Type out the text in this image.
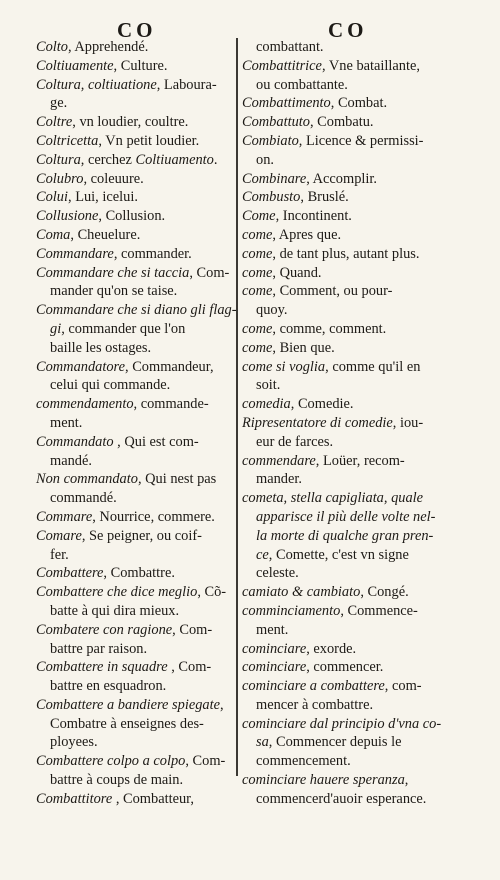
CO	CO
Colto, Apprehendé.
Coltiuamente, Culture.
Coltura, coltiuatione, Laboura-
ge.
Coltre, vn loudier, coultre.
Coltricetta, Vn petit loudier.
Coltura, cerchez Coltiuamento.
Colubro, coleuure.
Colui, Lui, icelui.
Collusione, Collusion.
Coma, Cheuelure.
Commandare, commander.
Commandare che si taccia, Com-
mander qu'on se taise.
Commandare che si diano gli flag-
gi, commander que l'on
baille les ostages.
Commandatore, Commandeur,
celui qui commande.
commendamento, commande-
ment.
Commandato , Qui est com-
mandé.
Non commandato, Qui nest pas
commandé.
Commare, Nourrice, commere.
Comare, Se peigner, ou coif-
fer.
Combattere, Combattre.
Combattere che dice meglio, Cõ-
batte à qui dira mieux.
Combatere con ragione, Com-
battre par raison.
Combattere in squadre , Com-
battre en esquadron.
Combattere a bandiere spiegate,
Combatre à enseignes des-
ployees.
Combattere colpo a colpo, Com-
battre à coups de main.
Combattitore , Combatteur,
combattant.
Combattitrice, Vne bataillante,
ou combattante.
Combattimento, Combat.
Combattuto, Combatu.
Combiato, Licence & permissi-
on.
Combinare, Accomplir.
Combusto, Bruslé.
Come, Incontinent.
come, Apres que.
come, de tant plus, autant plus.
come, Quand.
come, Comment, ou pour-
quoy.
come, comme, comment.
come, Bien que.
come si voglia, comme qu'il en
soit.
comedia, Comedie.
Ripresentatore di comedie, iou-
eur de farces.
commendare, Loüer, recom-
mander.
cometa, stella capigliata, quale
apparisce il più delle volte nel-
la morte di qualche gran pren-
ce, Comette, c'est vn signe
celeste.
camiato & cambiato, Congé.
comminciamento, Commence-
ment.
cominciare, exorde.
cominciare, commencer.
cominciare a combattere, com-
mencer à combattre.
cominciare dal principio d'vna co-
sa, Commencer depuis le
commencement.
cominciare hauere speranza,
commencerd'auoir esperance.
